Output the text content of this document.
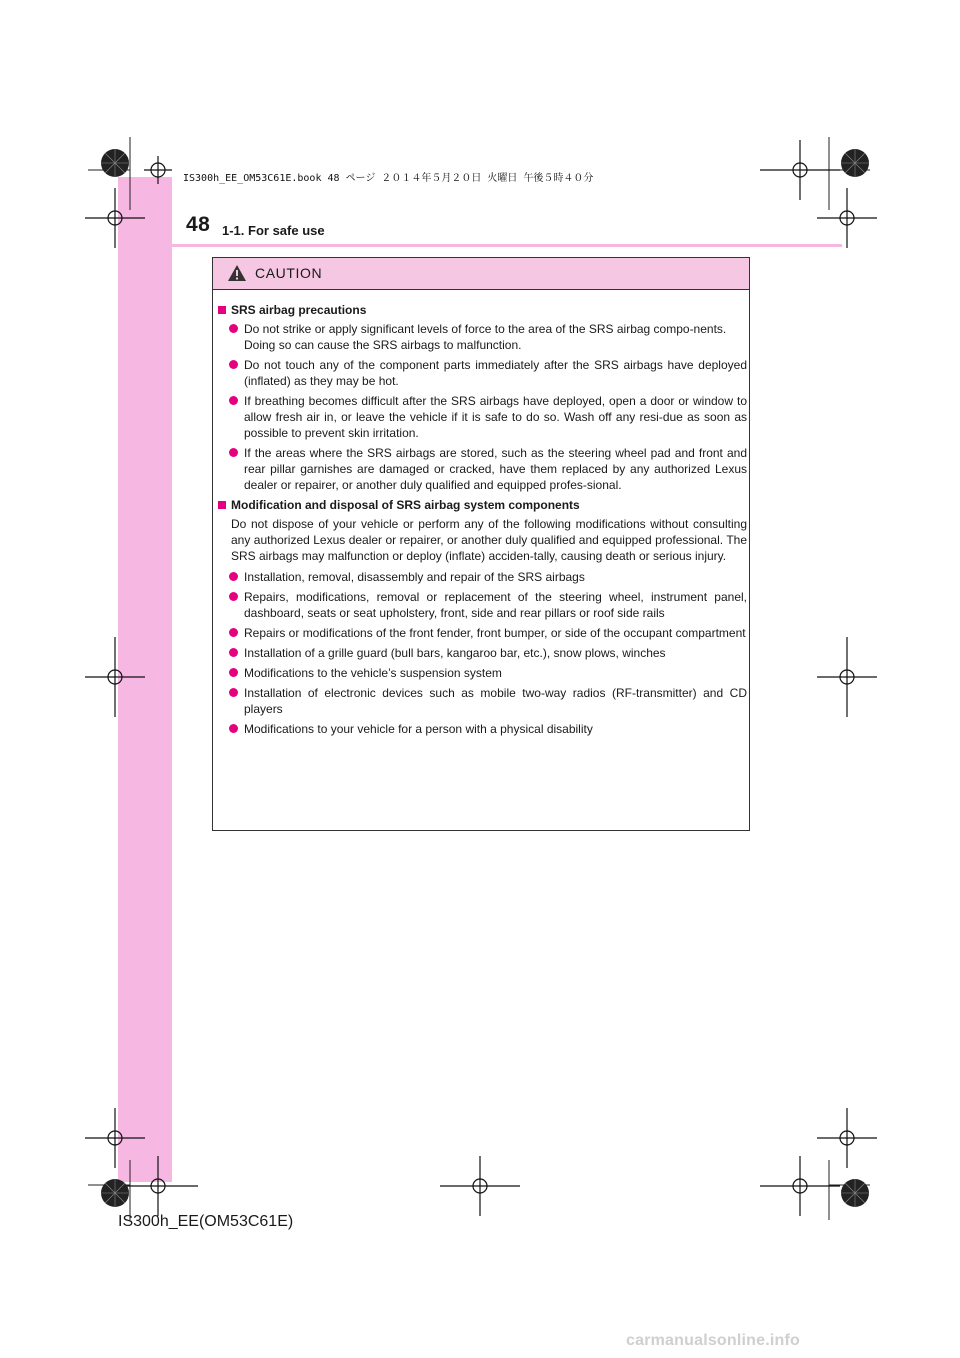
IS300h_EE_OM53C61E.book 48 ページ ２０１４年５月２０日 火曜日 午後５時４０分
48 1-1. For safe use
CAUTION
SRS airbag precautions
Do not strike or apply significant levels of force to the area of the SRS airbag compo-nents.
Doing so can cause the SRS airbags to malfunction.
Do not touch any of the component parts immediately after the SRS airbags have deployed (inflated) as they may be hot.
If breathing becomes difficult after the SRS airbags have deployed, open a door or window to allow fresh air in, or leave the vehicle if it is safe to do so. Wash off any resi-due as soon as possible to prevent skin irritation.
If the areas where the SRS airbags are stored, such as the steering wheel pad and front and rear pillar garnishes are damaged or cracked, have them replaced by any authorized Lexus dealer or repairer, or another duly qualified and equipped profes-sional.
Modification and disposal of SRS airbag system components
Do not dispose of your vehicle or perform any of the following modifications without consulting any authorized Lexus dealer or repairer, or another duly qualified and equipped professional. The SRS airbags may malfunction or deploy (inflate) acciden-tally, causing death or serious injury.
Installation, removal, disassembly and repair of the SRS airbags
Repairs, modifications, removal or replacement of the steering wheel, instrument panel, dashboard, seats or seat upholstery, front, side and rear pillars or roof side rails
Repairs or modifications of the front fender, front bumper, or side of the occupant compartment
Installation of a grille guard (bull bars, kangaroo bar, etc.), snow plows, winches
Modifications to the vehicle’s suspension system
Installation of electronic devices such as mobile two-way radios (RF-transmitter) and CD players
Modifications to your vehicle for a person with a physical disability
IS300h_EE(OM53C61E)
carmanualsonline.info
